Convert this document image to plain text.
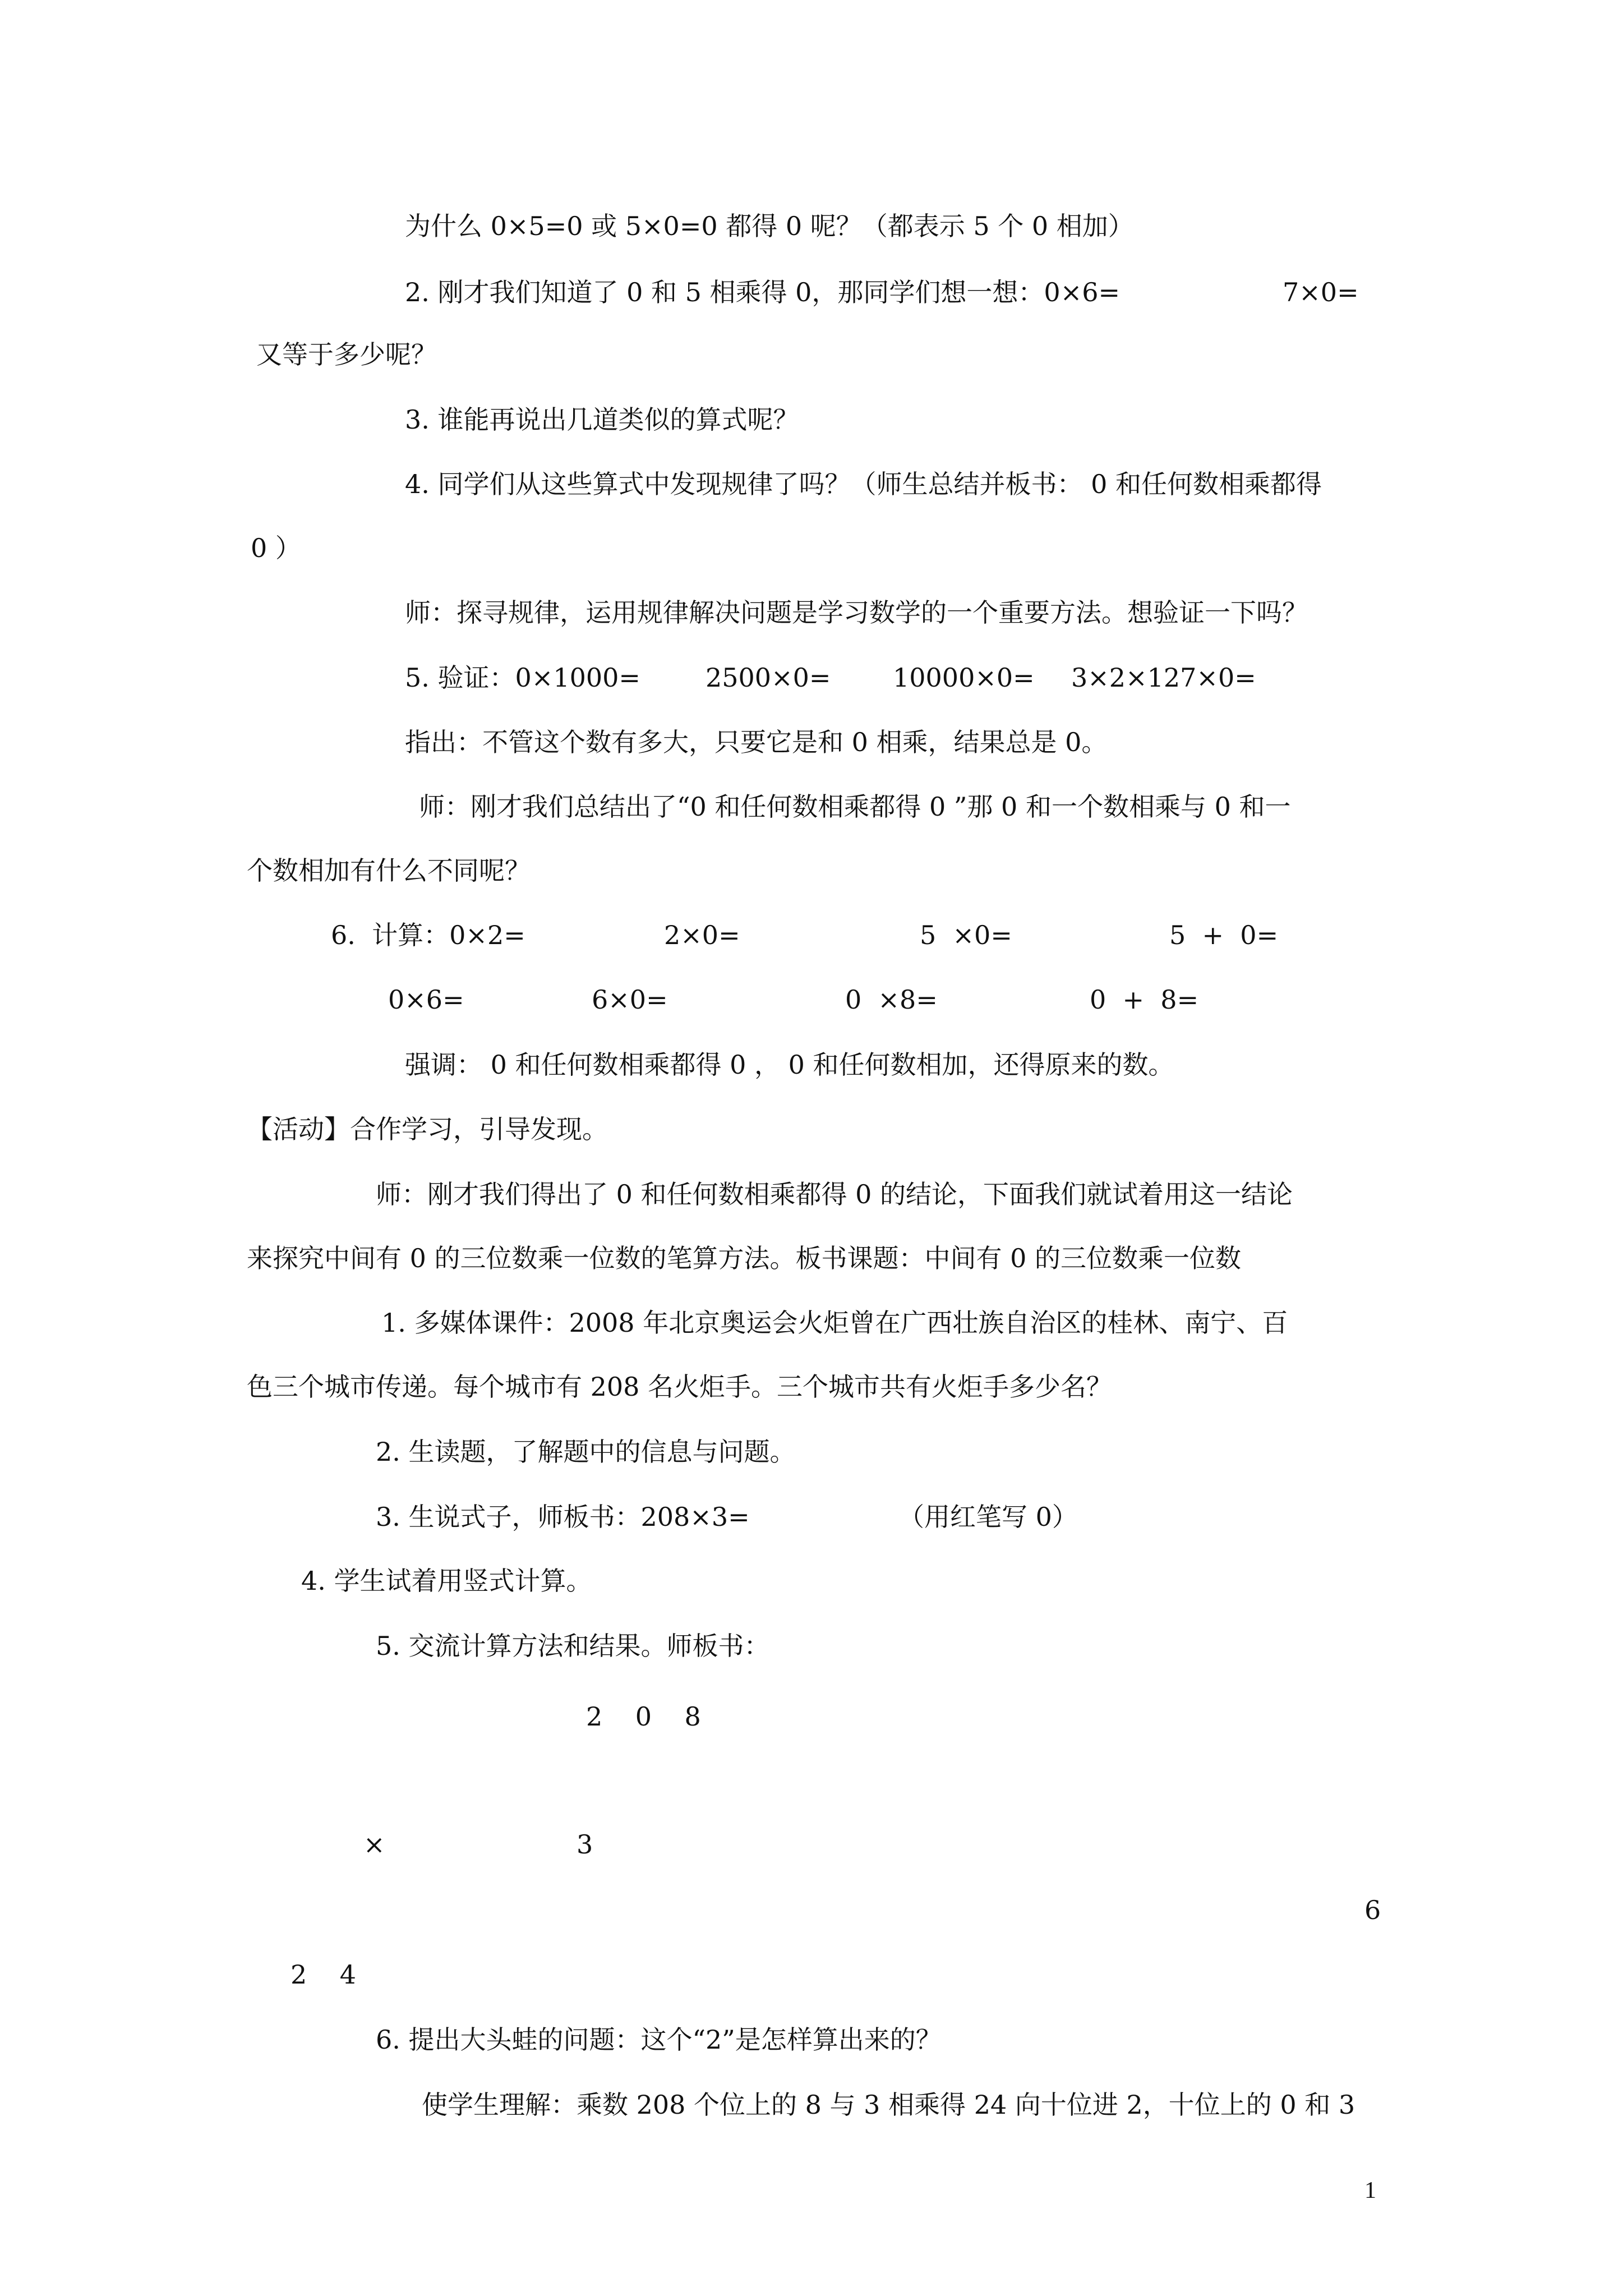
为什么 0×5=0 或 5×0=0 都得 0 呢？（都表示 5 个 0 相加）
2. 刚才我们知道了 0 和 5 相乘得 0，那同学们想一想：0×6=	7×0=
又等于多少呢？
3. 谁能再说出几道类似的算式呢？
4. 同学们从这些算式中发现规律了吗？（师生总结并板书： 0 和任何数相乘都得
0 ）
师：探寻规律，运用规律解决问题是学习数学的一个重要方法。想验证一下吗？
5. 验证：0×1000=	2500×0= 10000×0= 3×2×127×0=
指出：不管这个数有多大，只要它是和 0 相乘，结果总是 0。
师：刚才我们总结出了“0 和任何数相乘都得 0 ”那 0 和一个数相乘与 0 和一
个数相加有什么不同呢？
6.  计算：0×2=	2×0=	5  ×0=	5  +  0=
0×6=	6×0=	0  ×8=	0  +  8=
强调： 0 和任何数相乘都得 0 ， 0 和任何数相加，还得原来的数。
【活动】合作学习，引导发现。
师：刚才我们得出了 0 和任何数相乘都得 0 的结论，下面我们就试着用这一结论
来探究中间有 0 的三位数乘一位数的笔算方法。板书课题：中间有 0 的三位数乘一位数
1. 多媒体课件：2008 年北京奥运会火炬曾在广西壮族自治区的桂林、南宁、百
色三个城市传递。每个城市有 208 名火炬手。三个城市共有火炬手多少名？
2. 生读题，了解题中的信息与问题。
3. 生说式子，师板书：208×3=	（用红笔写 0）
4. 学生试着用竖式计算。
5. 交流计算方法和结果。师板书：
2    0    8
×	3
6
2    4
6. 提出大头蛙的问题：这个“2”是怎样算出来的？
使学生理解：乘数 208 个位上的 8 与 3 相乘得 24 向十位进 2，十位上的 0 和 3
1
